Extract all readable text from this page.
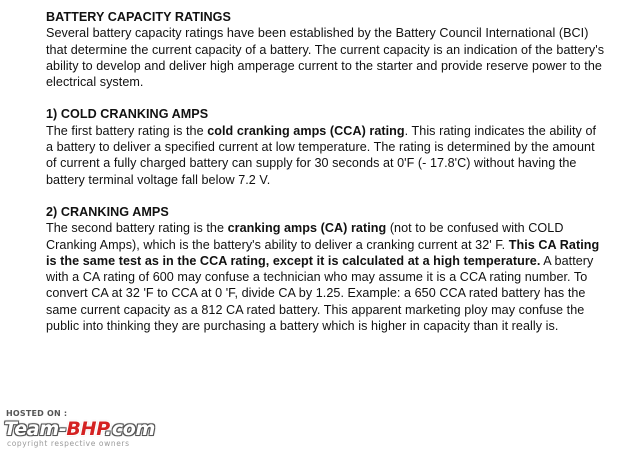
BATTERY CAPACITY RATINGS
Several battery capacity ratings have been established by the Battery Council International (BCI) that determine the current capacity of a battery. The current capacity is an indication of the battery's ability to develop and deliver high amperage current to the starter and provide reserve power to the electrical system.
1) COLD CRANKING AMPS
The first battery rating is the cold cranking amps (CCA) rating. This rating indicates the ability of a battery to deliver a specified current at low temperature. The rating is determined by the amount of current a fully charged battery can supply for 30 seconds at 0'F (- 17.8'C) without having the battery terminal voltage fall below 7.2 V.
2) CRANKING AMPS
The second battery rating is the cranking amps (CA) rating (not to be confused with COLD Cranking Amps), which is the battery's ability to deliver a cranking current at 32' F. This CA Rating is the same test as in the CCA rating, except it is calculated at a high temperature. A battery with a CA rating of 600 may confuse a technician who may assume it is a CCA rating number. To convert CA at 32 'F to CCA at 0 'F, divide CA by 1.25. Example: a 650 CCA rated battery has the same current capacity as a 812 CA rated battery. This apparent marketing ploy may confuse the public into thinking they are purchasing a battery which is higher in capacity than it really is.
HOSTED ON :
Team-BHP.com
copyright respective owners
